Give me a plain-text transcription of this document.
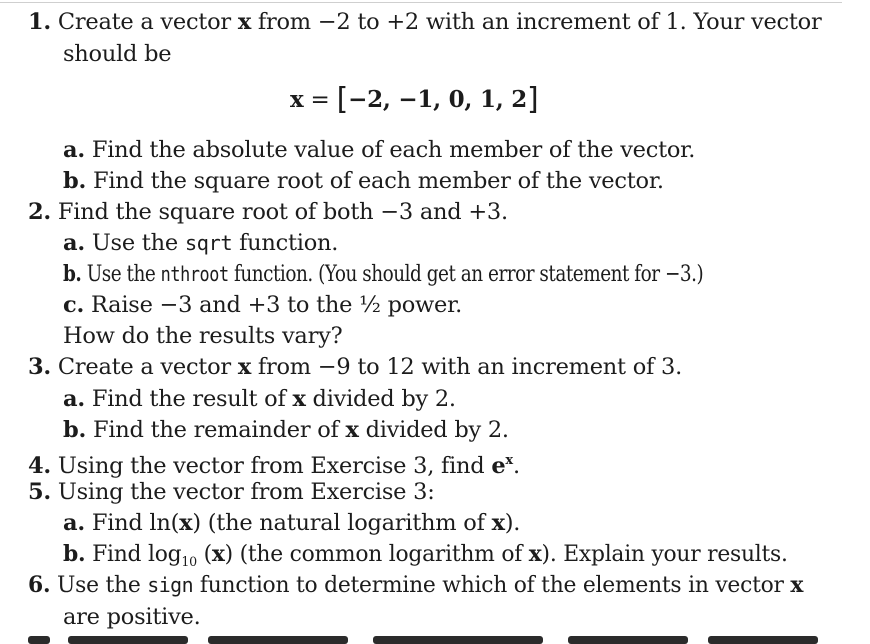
1. Create a vector x from −2 to +2 with an increment of 1. Your vector
should be
x = [−2, −1, 0, 1, 2]
a. Find the absolute value of each member of the vector.
b. Find the square root of each member of the vector.
2. Find the square root of both −3 and +3.
a. Use the sqrt function.
b. Use the nthroot function. (You should get an error statement for −3.)
c. Raise −3 and +3 to the ½ power.
How do the results vary?
3. Create a vector x from −9 to 12 with an increment of 3.
a. Find the result of x divided by 2.
b. Find the remainder of x divided by 2.
4. Using the vector from Exercise 3, find $e^x$.
5. Using the vector from Exercise 3:
a. Find ln(x) (the natural logarithm of x).
b. Find $\log_{10} (x)$ (the common logarithm of x). Explain your results.
6. Use the sign function to determine which of the elements in vector x
are positive.
